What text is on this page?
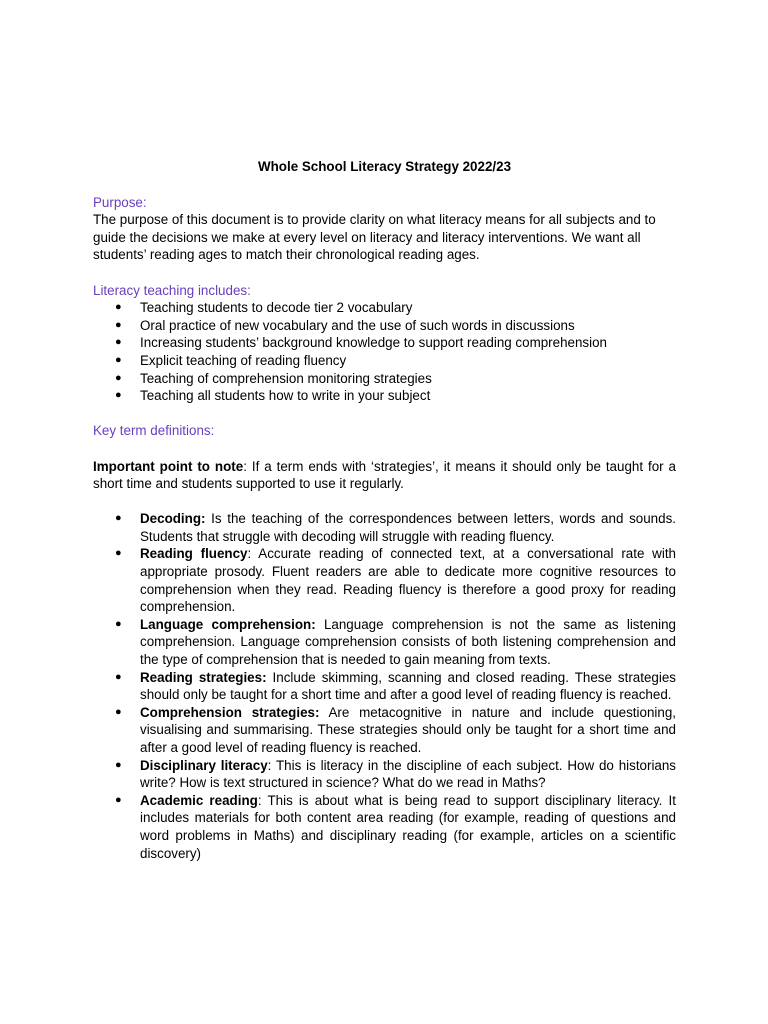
Whole School Literacy Strategy 2022/23

Purpose:

The purpose of this document is to provide clarity on what literacy means for all subjects and to guide the decisions we make at every level on literacy and literacy interventions. We want all students’ reading ages to match their chronological reading ages.

Literacy teaching includes:

● Teaching students to decode tier 2 vocabulary
● Oral practice of new vocabulary and the use of such words in discussions
● Increasing students’ background knowledge to support reading comprehension
● Explicit teaching of reading fluency
● Teaching of comprehension monitoring strategies
● Teaching all students how to write in your subject

Key term definitions:

Important point to note: If a term ends with ‘strategies’, it means it should only be taught for a short time and students supported to use it regularly.

● Decoding: Is the teaching of the correspondences between letters, words and sounds. Students that struggle with decoding will struggle with reading fluency.
● Reading fluency: Accurate reading of connected text, at a conversational rate with appropriate prosody. Fluent readers are able to dedicate more cognitive resources to comprehension when they read. Reading fluency is therefore a good proxy for reading comprehension.
● Language comprehension: Language comprehension is not the same as listening comprehension. Language comprehension consists of both listening comprehension and the type of comprehension that is needed to gain meaning from texts.
● Reading strategies: Include skimming, scanning and closed reading. These strategies should only be taught for a short time and after a good level of reading fluency is reached.
● Comprehension strategies: Are metacognitive in nature and include questioning, visualising and summarising. These strategies should only be taught for a short time and after a good level of reading fluency is reached.
● Disciplinary literacy: This is literacy in the discipline of each subject. How do historians write? How is text structured in science? What do we read in Maths?
● Academic reading: This is about what is being read to support disciplinary literacy. It includes materials for both content area reading (for example, reading of questions and word problems in Maths) and disciplinary reading (for example, articles on a scientific discovery)
